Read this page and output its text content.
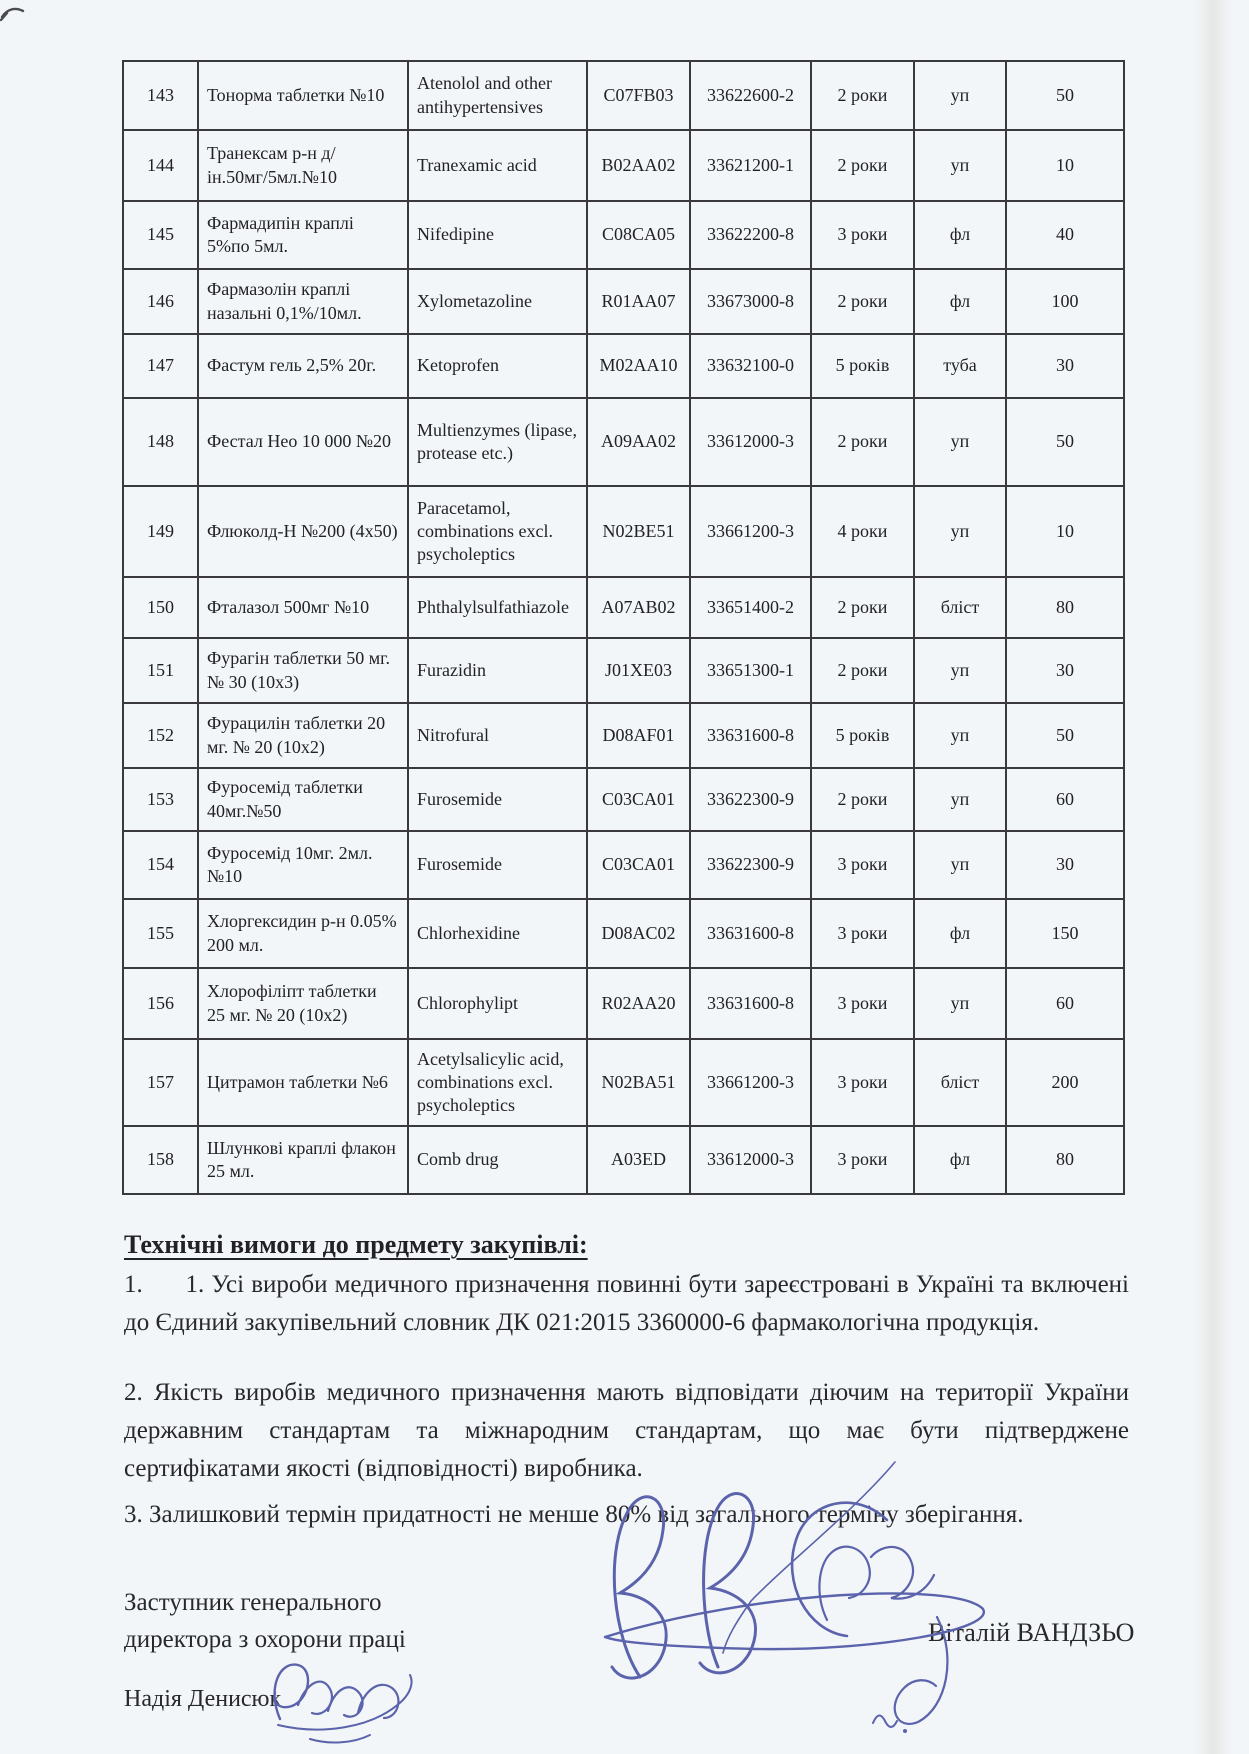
143	Тонорма таблетки №10	Atenolol and other antihypertensives	C07FB03	33622600-2	2 роки	уп	50
144	Транексам р-н д/ін.50мг/5мл.№10	Tranexamic acid	B02AA02	33621200-1	2 роки	уп	10
145	Фармадипін краплі 5%по 5мл.	Nifedipine	C08CA05	33622200-8	3 роки	фл	40
146	Фармазолін краплі назальні 0,1%/10мл.	Xylometazoline	R01AA07	33673000-8	2 роки	фл	100
147	Фастум гель 2,5% 20г.	Ketoprofen	M02AA10	33632100-0	5 років	туба	30
148	Фестал Нео 10 000 №20	Multienzymes (lipase, protease etc.)	A09AA02	33612000-3	2 роки	уп	50
149	Флюколд-Н №200 (4х50)	Paracetamol, combinations excl. psycholeptics	N02BE51	33661200-3	4 роки	уп	10
150	Фталазол 500мг №10	Phthalylsulfathiazole	A07AB02	33651400-2	2 роки	бліст	80
151	Фурагін таблетки 50 мг. № 30 (10х3)	Furazidin	J01XE03	33651300-1	2 роки	уп	30
152	Фурацилін таблетки 20 мг. № 20 (10х2)	Nitrofural	D08AF01	33631600-8	5 років	уп	50
153	Фуросемід таблетки 40мг.№50	Furosemide	C03CA01	33622300-9	2 роки	уп	60
154	Фуросемід 10мг. 2мл. №10	Furosemide	C03CA01	33622300-9	3 роки	уп	30
155	Хлоргексидин р-н 0.05% 200 мл.	Chlorhexidine	D08AC02	33631600-8	3 роки	фл	150
156	Хлорофіліпт таблетки 25 мг. № 20 (10х2)	Chlorophylipt	R02AA20	33631600-8	3 роки	уп	60
157	Цитрамон таблетки №6	Acetylsalicylic acid, combinations excl. psycholeptics	N02BA51	33661200-3	3 роки	бліст	200
158	Шлункові краплі флакон 25 мл.	Comb drug	A03ED	33612000-3	3 роки	фл	80
Технічні вимоги до предмету закупівлі:

1.      1. Усі вироби медичного призначення повинні бути зареєстровані в Україні та включені до Єдиний закупівельний словник ДК 021:2015 3360000-6 фармакологічна продукція.

2. Якість виробів медичного призначення мають відповідати діючим на території України державним стандартам та міжнародним стандартам, що має бути підтверджене сертифікатами якості (відповідності) виробника.

3. Залишковий термін придатності не менше 80% від загального терміну зберігання.

Заступник генерального директора з охорони праці	Віталій ВАНДЗЬО
Надія Денисюк
